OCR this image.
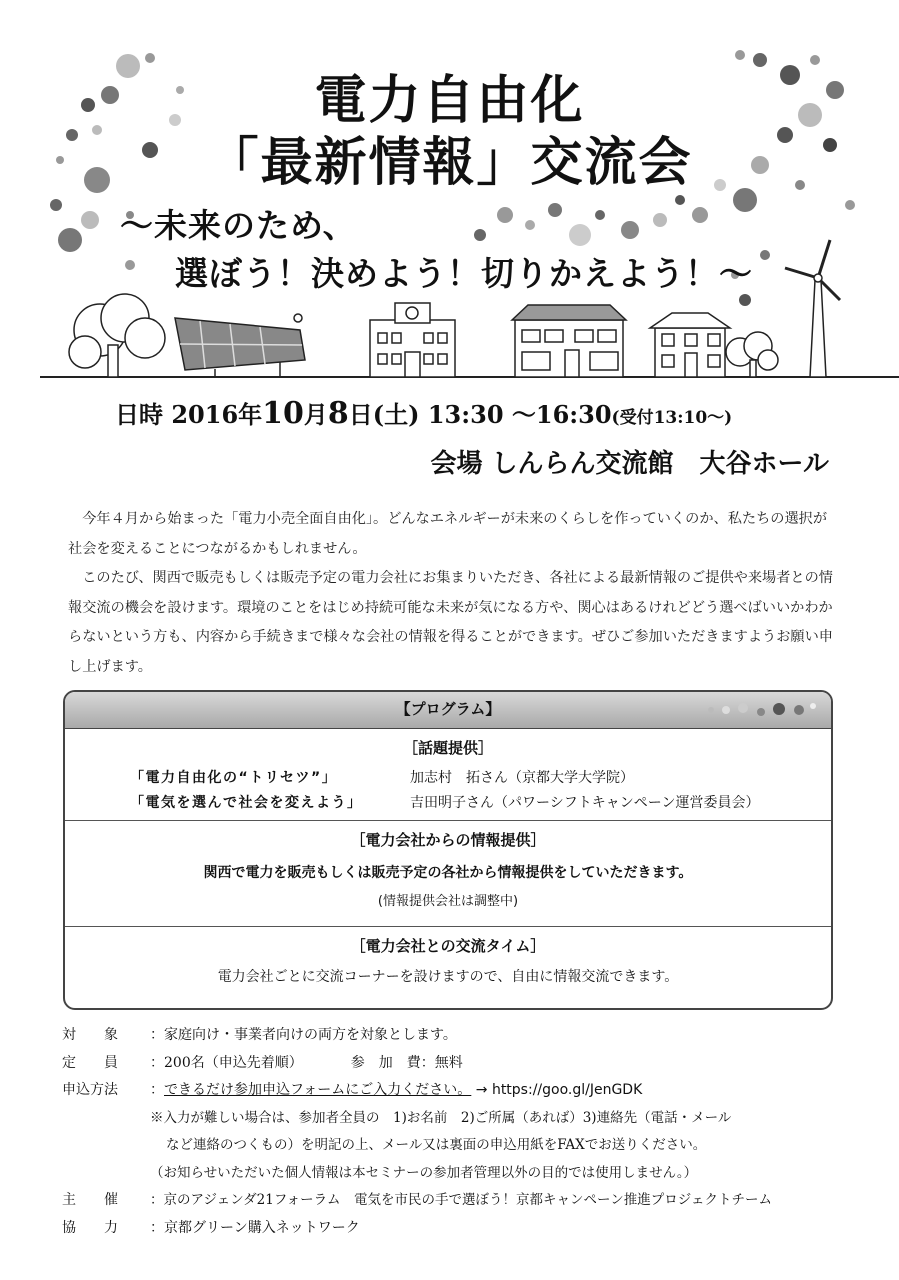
電力自由化
「最新情報」交流会
〜未来のため、
選ぼう！決めよう！切りかえよう！〜
日時 2016年10月8日(土) 13:30 〜16:30(受付13:10〜)
会場 しんらん交流館　大谷ホール

今年４月から始まった「電力小売全面自由化」。どんなエネルギーが未来のくらしを作っていくのか、私たちの選択が社会を変えることにつながるかもしれません。

このたび、関西で販売もしくは販売予定の電力会社にお集まりいただき、各社による最新情報のご提供や来場者との情報交流の機会を設けます。環境のことをはじめ持続可能な未来が気になる方や、関心はあるけれどどう選べばいいかわからないという方も、内容から手続きまで様々な会社の情報を得ることができます。ぜひご参加いただきますようお願い申し上げます。

【プログラム】
［話題提供］
「電力自由化の“トリセツ”」	加志村　拓さん（京都大学大学院）
「電気を選んで社会を変えよう」	吉田明子さん（パワーシフトキャンペーン運営委員会）
［電力会社からの情報提供］
関西で電力を販売もしくは販売予定の各社から情報提供をしていただきます。
(情報提供会社は調整中)
［電力会社との交流タイム］
電力会社ごとに交流コーナーを設けますので、自由に情報交流できます。
対　　象 ：家庭向け・事業者向けの両方を対象とします。
定　　員 ：200名（申込先着順）	参　加　費：無料
申込方法 ：できるだけ参加申込フォームにご入力ください。 → https://goo.gl/JenGDK
※入力が難しい場合は、参加者全員の　1)お名前　2)ご所属（あれば）3)連絡先（電話・メール
など連絡のつくもの）を明記の上、メール又は裏面の申込用紙をFAXでお送りください。
（お知らせいただいた個人情報は本セミナーの参加者管理以外の目的では使用しません。）
主　　催 ：京のアジェンダ21フォーラム　電気を市民の手で選ぼう！京都キャンペーン推進プロジェクトチーム
協　　力 ：京都グリーン購入ネットワーク
